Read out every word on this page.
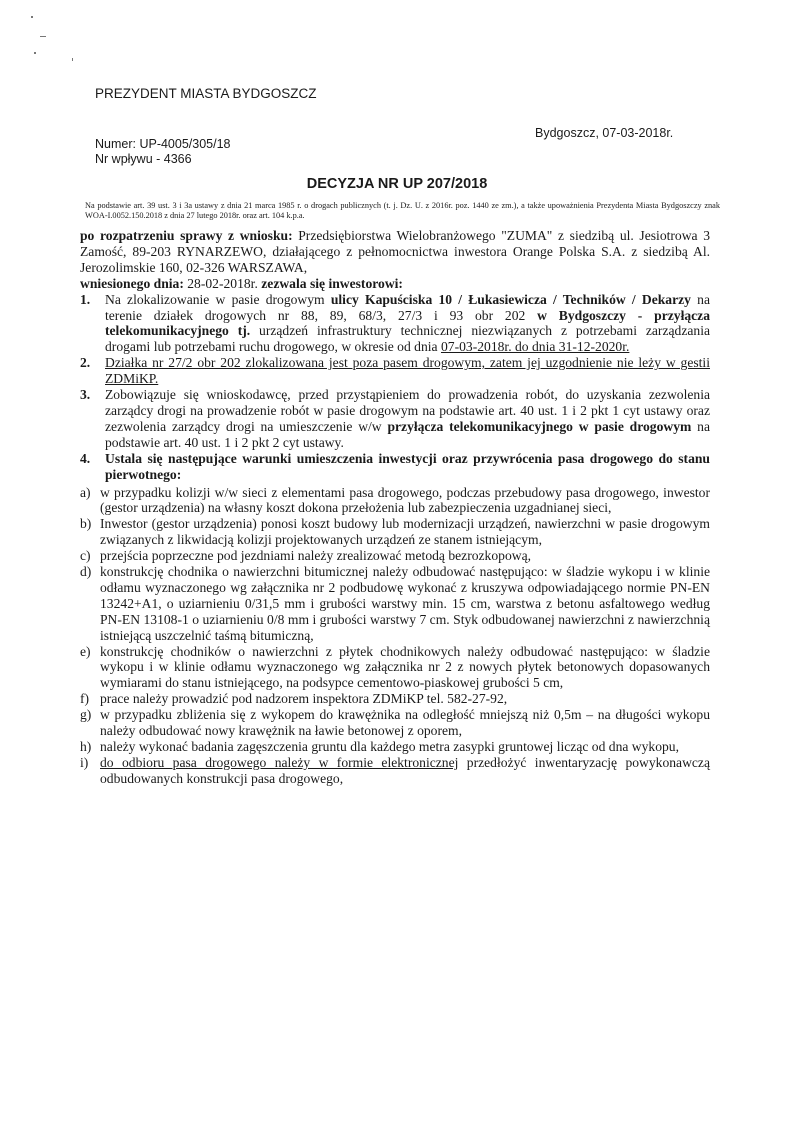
PREZYDENT MIASTA BYDGOSZCZ
Numer: UP-4005/305/18
Nr wpływu - 4366
Bydgoszcz, 07-03-2018r.
DECYZJA NR UP 207/2018
Na podstawie art. 39 ust. 3 i 3a ustawy z dnia 21 marca 1985 r. o drogach publicznych (t. j. Dz. U. z 2016r. poz. 1440 ze zm.), a także upoważnienia Prezydenta Miasta Bydgoszczy znak WOA-I.0052.150.2018 z dnia 27 lutego 2018r. oraz art. 104 k.p.a.

po rozpatrzeniu sprawy z wniosku: Przedsiębiorstwa Wielobranżowego "ZUMA" z siedzibą ul. Jesiotrowa 3 Zamość, 89-203 RYNARZEWO, działającego z pełnomocnictwa inwestora Orange Polska S.A. z siedzibą Al. Jerozolimskie 160, 02-326 WARSZAWA,

wniesionego dnia: 28-02-2018r. zezwala się inwestorowi:

1.	Na zlokalizowanie w pasie drogowym ulicy Kapuściska 10 / Łukasiewicza / Techników / Dekarzy na terenie działek drogowych nr 88, 89, 68/3, 27/3 i 93 obr 202 w Bydgoszczy - przyłącza telekomunikacyjnego tj. urządzeń infrastruktury technicznej niezwiązanych z potrzebami zarządzania drogami lub potrzebami ruchu drogowego, w okresie od dnia 07-03-2018r. do dnia 31-12-2020r.
2.	Działka nr 27/2 obr 202 zlokalizowana jest poza pasem drogowym, zatem jej uzgodnienie nie leży w gestii ZDMiKP.
3.	Zobowiązuje się wnioskodawcę, przed przystąpieniem do prowadzenia robót, do uzyskania zezwolenia zarządcy drogi na prowadzenie robót w pasie drogowym na podstawie art. 40 ust. 1 i 2 pkt 1 cyt ustawy oraz zezwolenia zarządcy drogi na umieszczenie w/w przyłącza telekomunikacyjnego w pasie drogowym na podstawie art. 40 ust. 1 i 2 pkt 2 cyt ustawy.
4.	Ustala się następujące warunki umieszczenia inwestycji oraz przywrócenia pasa drogowego do stanu pierwotnego:
a) w przypadku kolizji w/w sieci z elementami pasa drogowego, podczas przebudowy pasa drogowego, inwestor (gestor urządzenia) na własny koszt dokona przełożenia lub zabezpieczenia uzgadnianej sieci,
b) Inwestor (gestor urządzenia) ponosi koszt budowy lub modernizacji urządzeń, nawierzchni w pasie drogowym związanych z likwidacją kolizji projektowanych urządzeń ze stanem istniejącym,
c) przejścia poprzeczne pod jezdniami należy zrealizować metodą bezrozkopową,
d) konstrukcję chodnika o nawierzchni bitumicznej należy odbudować następująco: w śladzie wykopu i w klinie odłamu wyznaczonego wg załącznika nr 2 podbudowę wykonać z kruszywa odpowiadającego normie PN-EN 13242+A1, o uziarnieniu 0/31,5 mm i grubości warstwy min. 15 cm, warstwa z betonu asfaltowego według PN-EN 13108-1 o uziarnieniu 0/8 mm i grubości warstwy 7 cm. Styk odbudowanej nawierzchni z nawierzchnią istniejącą uszczelnić taśmą bitumiczną,
e) konstrukcję chodników o nawierzchni z płytek chodnikowych należy odbudować następująco: w śladzie wykopu i w klinie odłamu wyznaczonego wg załącznika nr 2 z nowych płytek betonowych dopasowanych wymiarami do stanu istniejącego, na podsypce cementowo-piaskowej grubości 5 cm,
f) prace należy prowadzić pod nadzorem inspektora ZDMiKP tel. 582-27-92,
g) w przypadku zbliżenia się z wykopem do krawężnika na odległość mniejszą niż 0,5m – na długości wykopu należy odbudować nowy krawężnik na ławie betonowej z oporem,
h) należy wykonać badania zagęszczenia gruntu dla każdego metra zasypki gruntowej licząc od dna wykopu,
i) do odbioru pasa drogowego należy w formie elektronicznej przedłożyć inwentaryzację powykonawczą odbudowanych konstrukcji pasa drogowego,
